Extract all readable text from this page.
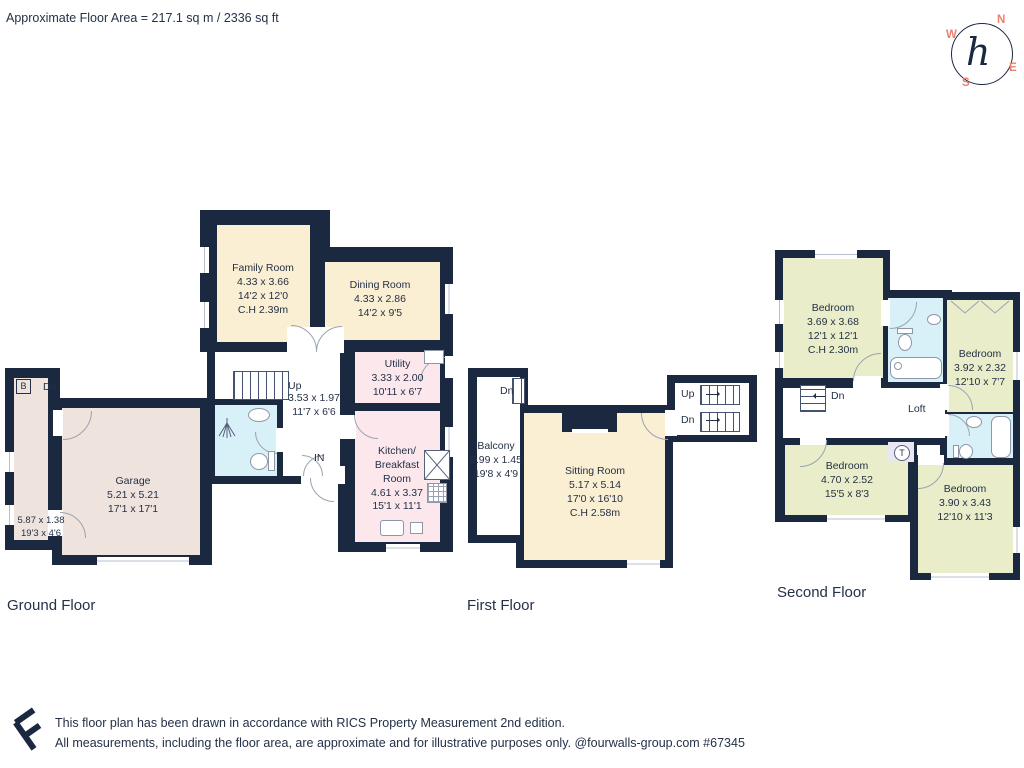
Approximate Floor Area = 217.1 sq m / 2336 sq ft
h
N
W
E
S
Family Room
4.33 x 3.66
14'2 x 12'0
C.H 2.39m
Dining Room
4.33 x 2.86
14'2 x 9'5
Utility
3.33 x 2.00
10'11 x 6'7
Kitchen/ Breakfast Room
4.61 x 3.37
15'1 x 11'1
Up
3.53 x 1.97
11'7 x 6'6
Garage
5.21 x 5.21
17'1 x 17'1
5.87 x 1.38
19'3 x 4'6
B	Dn
IN
Dn
Balcony
5.99 x 1.45
19'8 x 4'9	Sitting Room
5.17 x 5.14
17'0 x 16'10
C.H 2.58m
Up
Dn
Bedroom
3.69 x 3.68
12'1 x 12'1
C.H 2.30m	Bedroom
3.92 x 2.32
12'10 x 7'7
Bedroom
4.70 x 2.52
15'5 x 8'3	Bedroom
3.90 x 3.43
12'10 x 11'3
Dn
Loft
T
Ground Floor	First Floor
Second Floor
This floor plan has been drawn in accordance with RICS Property Measurement 2nd edition.
All measurements, including the floor area, are approximate and for illustrative purposes only. @fourwalls-group.com #67345
